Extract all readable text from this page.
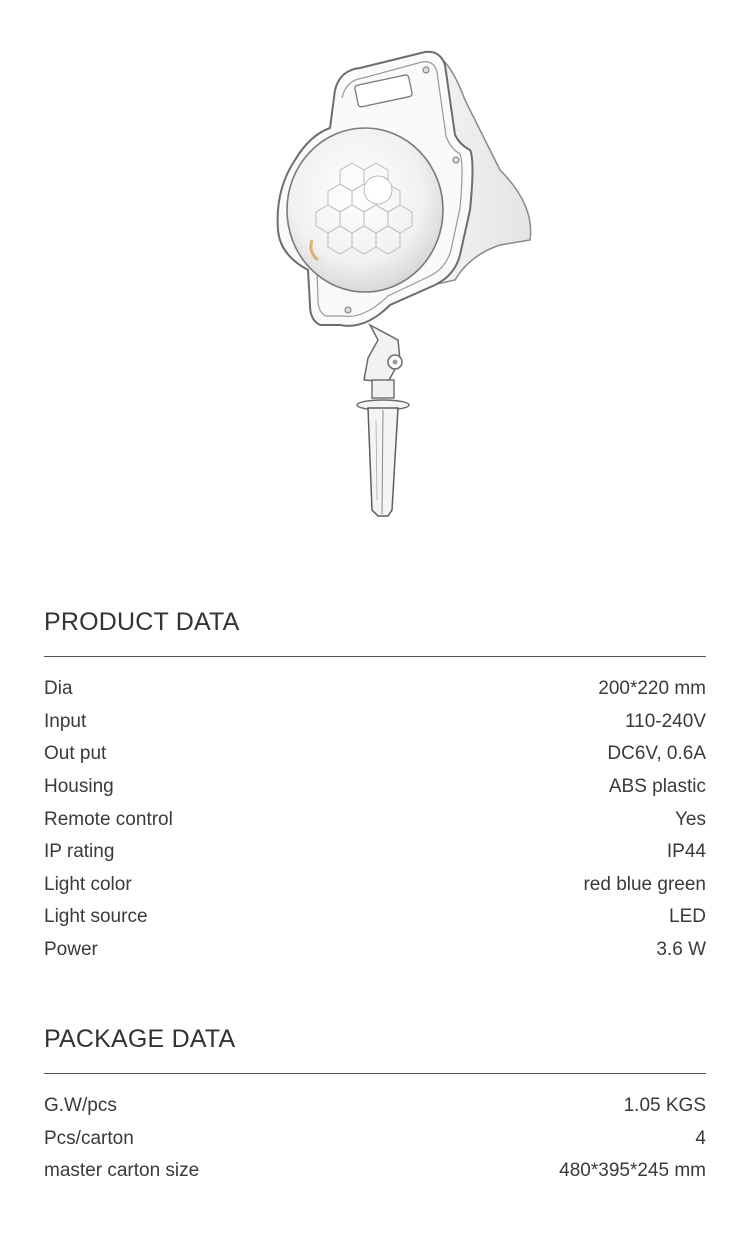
PRODUCT DATA
Dia	200*220 mm
Input	110-240V
Out put	DC6V, 0.6A
Housing	ABS plastic
Remote control	Yes
IP rating	IP44
Light color	red blue green
Light source	LED
Power	3.6 W
PACKAGE DATA
G.W/pcs	1.05 KGS
Pcs/carton	4
master carton size	480*395*245 mm
